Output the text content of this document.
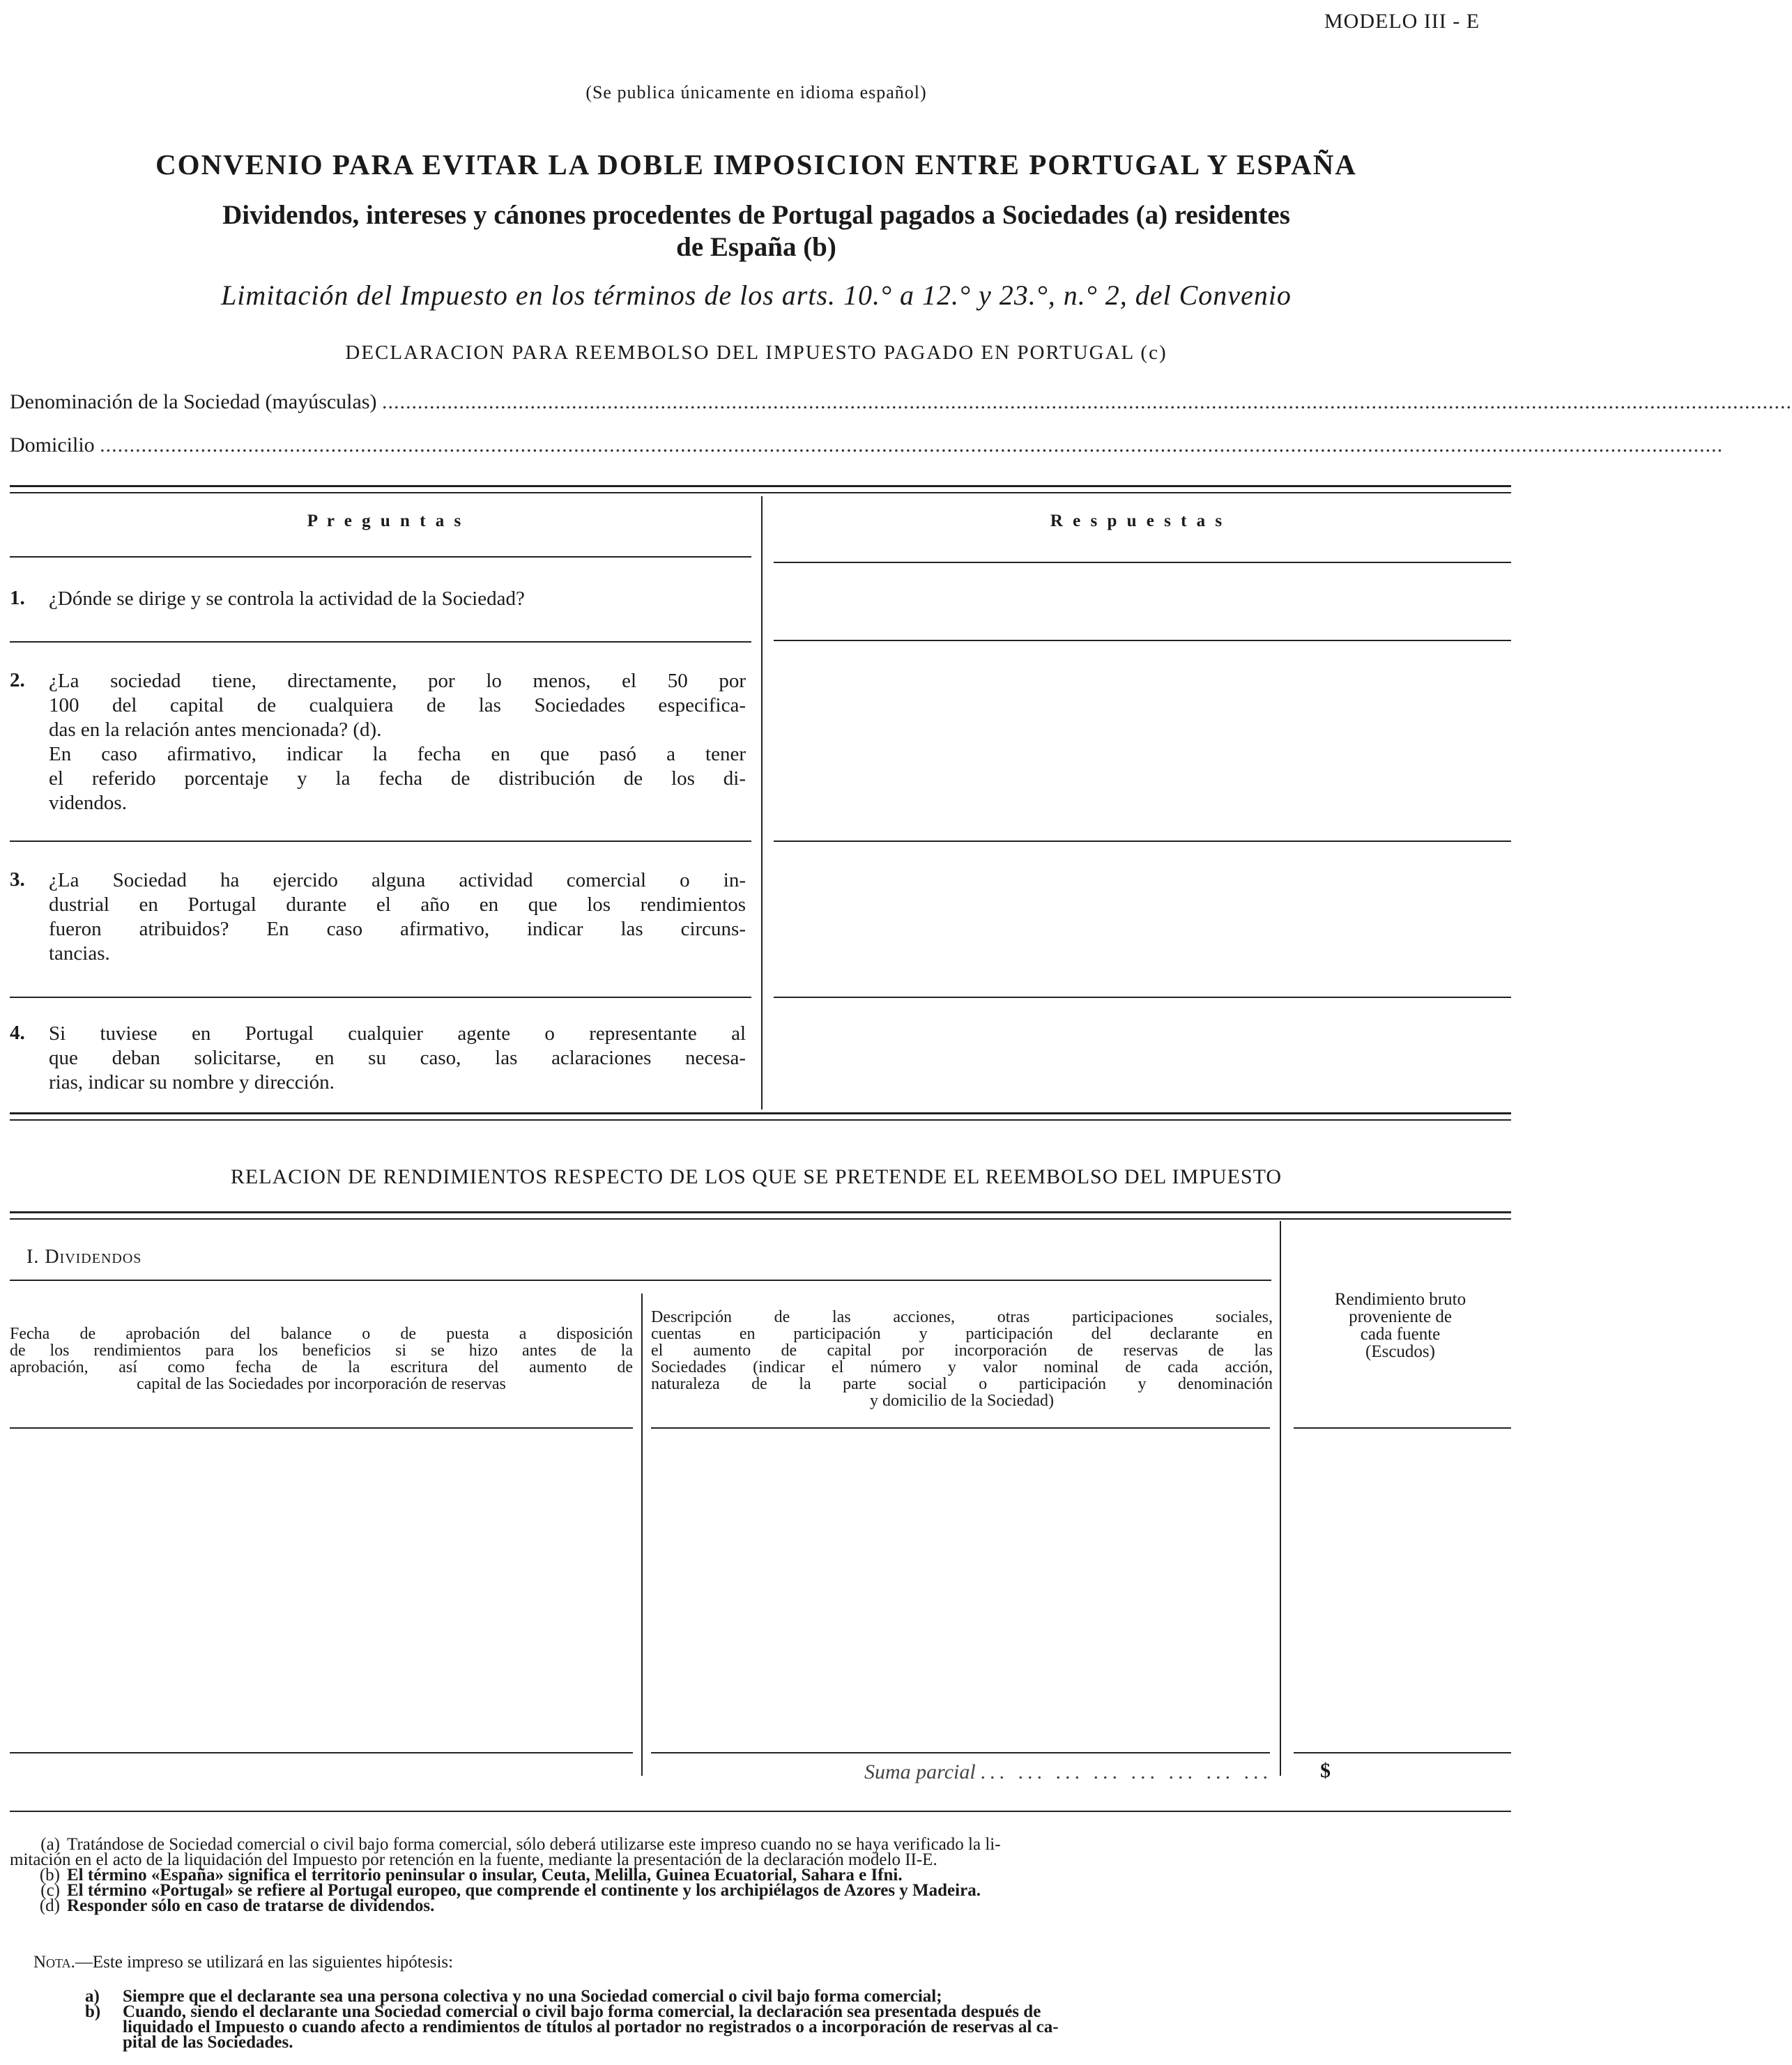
MODELO III - E
(Se publica únicamente en idioma español)
CONVENIO PARA EVITAR LA DOBLE IMPOSICION ENTRE PORTUGAL Y ESPAÑA
Dividendos, intereses y cánones procedentes de Portugal pagados a Sociedades (a) residentes
de España (b)
Limitación del Impuesto en los términos de los arts. 10.° a 12.° y 23.°, n.° 2, del Convenio
DECLARACION PARA REEMBOLSO DEL IMPUESTO PAGADO EN PORTUGAL (c)
Denominación de la Sociedad (mayúsculas) ..............................................................................................................................................................................................................................................
Domicilio ..................................................................................................................................................................................................................................................................................
P r e g u n t a s	R e s p u e s t a s
1. ¿Dónde se dirige y se controla la actividad de la Sociedad?
2. ¿La sociedad tiene, directamente, por lo menos, el 50 por
100 del capital de cualquiera de las Sociedades especifica-
das en la relación antes mencionada? (d).
En caso afirmativo, indicar la fecha en que pasó a tener
el referido porcentaje y la fecha de distribución de los di-
videndos.
3. ¿La Sociedad ha ejercido alguna actividad comercial o in-
dustrial en Portugal durante el año en que los rendimientos
fueron atribuidos? En caso afirmativo, indicar las circuns-
tancias.
4. Si tuviese en Portugal cualquier agente o representante al
que deban solicitarse, en su caso, las aclaraciones necesa-
rias, indicar su nombre y dirección.
RELACION DE RENDIMIENTOS RESPECTO DE LOS QUE SE PRETENDE EL REEMBOLSO DEL IMPUESTO
I. Dividendos
Fecha de aprobación del balance o de puesta a disposición
de los rendimientos para los beneficios si se hizo antes de la
aprobación, así como fecha de la escritura del aumento de
capital de las Sociedades por incorporación de reservas
Descripción de las acciones, otras participaciones sociales,
cuentas en participación y participación del declarante en
el aumento de capital por incorporación de reservas de las
Sociedades (indicar el número y valor nominal de cada acción,
naturaleza de la parte social o participación y denominación
y domicilio de la Sociedad)
Rendimiento bruto
proveniente de
cada fuente
(Escudos)
Suma parcial ... ... ... ... ... ... ... ... $
(a) Tratándose de Sociedad comercial o civil bajo forma comercial, sólo deberá utilizarse este impreso cuando no se haya verificado la li-
mitación en el acto de la liquidación del Impuesto por retención en la fuente, mediante la presentación de la declaración modelo II-E.
(b) El término «España» significa el territorio peninsular o insular, Ceuta, Melilla, Guinea Ecuatorial, Sahara e Ifni.
(c) El término «Portugal» se refiere al Portugal europeo, que comprende el continente y los archipiélagos de Azores y Madeira.
(d) Responder sólo en caso de tratarse de dividendos.
Nota.—Este impreso se utilizará en las siguientes hipótesis:
a) Siempre que el declarante sea una persona colectiva y no una Sociedad comercial o civil bajo forma comercial;
b) Cuando, siendo el declarante una Sociedad comercial o civil bajo forma comercial, la declaración sea presentada después de
liquidado el Impuesto o cuando afecto a rendimientos de títulos al portador no registrados o a incorporación de reservas al ca-
pital de las Sociedades.
